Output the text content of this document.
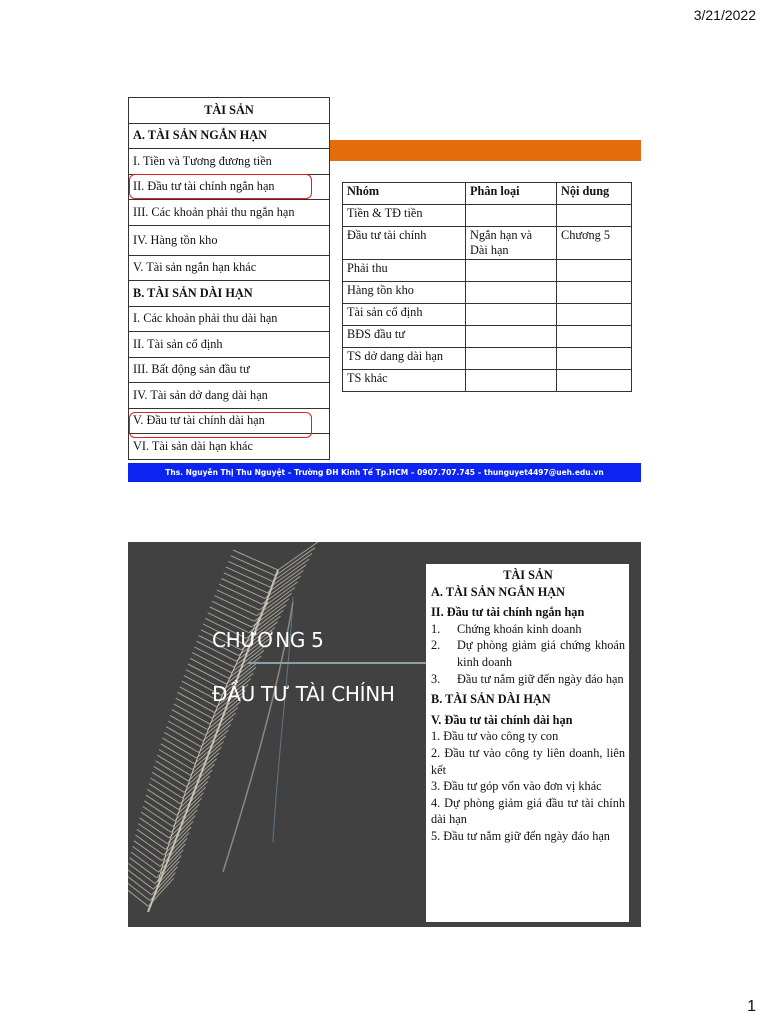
3/21/2022
TÀI SẢN
A. TÀI SẢN NGẮN HẠN
I. Tiền và Tương đương tiền
II. Đầu tư tài chính ngắn hạn
III. Các khoản phải thu ngắn hạn
IV. Hàng tồn kho
V. Tài sản ngắn hạn khác
B. TÀI SẢN DÀI HẠN
I. Các khoản phải thu dài hạn
II. Tài sản cố định
III. Bất động sản đầu tư
IV. Tài sản dở dang dài hạn
V. Đầu tư tài chính dài hạn
VI. Tài sản dài hạn khác
Nhóm	Phân loại	Nội dung
Tiền & TĐ tiền		
Đầu tư tài chính	Ngắn hạn và Dài hạn	Chương 5
Phải thu		
Hàng tồn kho		
Tài sản cố định		
BĐS đầu tư		
TS dở dang dài hạn		
TS khác		
Ths. Nguyễn Thị Thu Nguyệt – Trường ĐH Kinh Tế Tp.HCM – 0907.707.745 – thunguyet4497@ueh.edu.vn
CHƯƠNG 5
ĐẦU TƯ TÀI CHÍNH
TÀI SẢN
A. TÀI SẢN NGẮN HẠN
II. Đầu tư tài chính ngắn hạn
1.	Chứng khoán kinh doanh
2.	Dự phòng giảm giá chứng khoán kinh doanh
3.	Đầu tư nắm giữ đến ngày đáo hạn
B. TÀI SẢN DÀI HẠN
V. Đầu tư tài chính dài hạn
1. Đầu tư vào công ty con
2. Đầu tư vào công ty liên doanh, liên kết
3. Đầu tư góp vốn vào đơn vị khác
4. Dự phòng giảm giá đầu tư tài chính dài hạn
5. Đầu tư nắm giữ đến ngày đáo hạn
1
